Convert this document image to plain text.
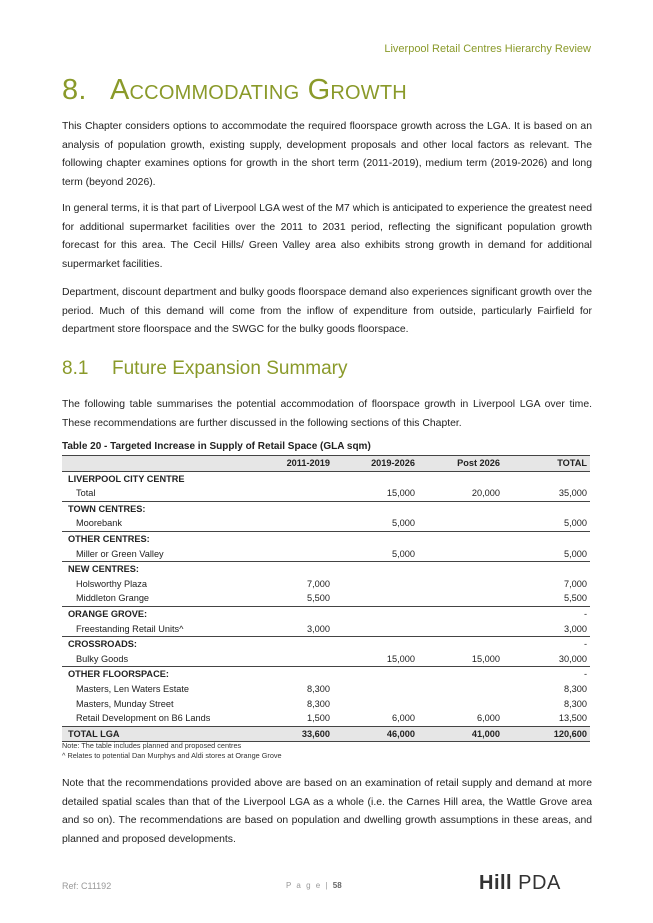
Liverpool Retail Centres Hierarchy Review
8. Accommodating Growth

This Chapter considers options to accommodate the required floorspace growth across the LGA. It is based on an analysis of population growth, existing supply, development proposals and other local factors as relevant. The following chapter examines options for growth in the short term (2011-2019), medium term (2019-2026) and long term (beyond 2026).

In general terms, it is that part of Liverpool LGA west of the M7 which is anticipated to experience the greatest need for additional supermarket facilities over the 2011 to 2031 period, reflecting the significant population growth forecast for this area. The Cecil Hills/ Green Valley area also exhibits strong growth in demand for additional supermarket facilities.

Department, discount department and bulky goods floorspace demand also experiences significant growth over the period. Much of this demand will come from the inflow of expenditure from outside, particularly Fairfield for department store floorspace and the SWGC for the bulky goods floorspace.

8.1 Future Expansion Summary

The following table summarises the potential accommodation of floorspace growth in Liverpool LGA over time. These recommendations are further discussed in the following sections of this Chapter.

Table 20 - Targeted Increase in Supply of Retail Space (GLA sqm)

	2011-2019	2019-2026	Post 2026	TOTAL
LIVERPOOL CITY CENTRE				
Total		15,000	20,000	35,000
TOWN CENTRES:				
Moorebank		5,000		5,000
OTHER CENTRES:				
Miller or Green Valley		5,000		5,000
NEW CENTRES:				
Holsworthy Plaza	7,000			7,000
Middleton Grange	5,500			5,500
ORANGE GROVE:				-
Freestanding Retail Units^	3,000			3,000
CROSSROADS:				-
Bulky Goods		15,000	15,000	30,000
OTHER FLOORSPACE:				-
Masters, Len Waters Estate	8,300			8,300
Masters, Munday Street	8,300			8,300
Retail Development on B6 Lands	1,500	6,000	6,000	13,500
TOTAL LGA	33,600	46,000	41,000	120,600

Note: The table includes planned and proposed centres

^ Relates to potential Dan Murphys and Aldi stores at Orange Grove

Note that the recommendations provided above are based on an examination of retail supply and demand at more detailed spatial scales than that of the Liverpool LGA as a whole (i.e. the Carnes Hill area, the Wattle Grove area and so on). The recommendations are based on population and dwelling growth assumptions in these areas, and planned and proposed developments.

Ref: C11192	P a g e | 58	Hill PDA
